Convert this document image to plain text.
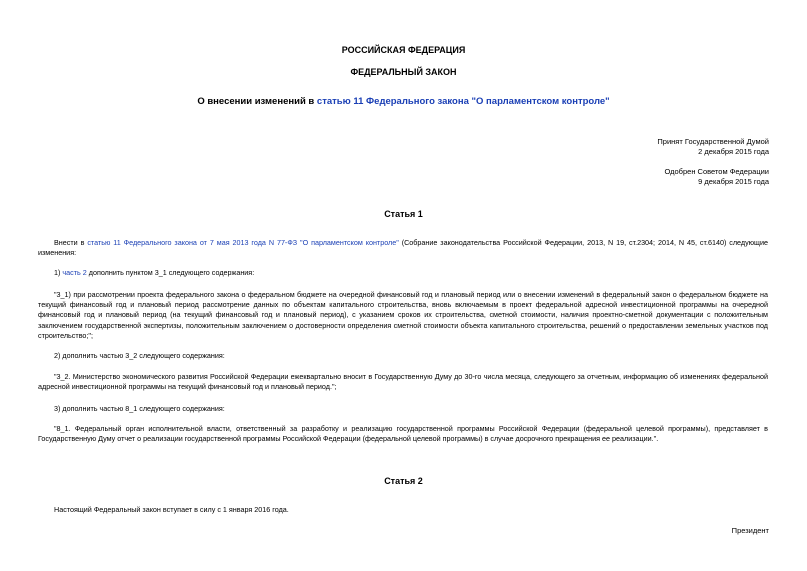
РОССИЙСКАЯ ФЕДЕРАЦИЯ
ФЕДЕРАЛЬНЫЙ ЗАКОН
О внесении изменений в статью 11 Федерального закона "О парламентском контроле"
Принят Государственной Думой
2 декабря 2015 года
Одобрен Советом Федерации
9 декабря 2015 года
Статья 1
Внести в статью 11 Федерального закона от 7 мая 2013 года N 77-ФЗ "О парламентском контроле" (Собрание законодательства Российской Федерации, 2013, N 19, ст.2304; 2014, N 45, ст.6140) следующие изменения:
1) часть 2 дополнить пунктом 3_1 следующего содержания:
"3_1) при рассмотрении проекта федерального закона о федеральном бюджете на очередной финансовый год и плановый период или о внесении изменений в федеральный закон о федеральном бюджете на текущий финансовый год и плановый период рассмотрение данных по объектам капитального строительства, вновь включаемым в проект федеральной адресной инвестиционной программы на очередной финансовый год и плановый период (на текущий финансовый год и плановый период), с указанием сроков их строительства, сметной стоимости, наличия проектно-сметной документации с положительным заключением государственной экспертизы, положительным заключением о достоверности определения сметной стоимости объекта капитального строительства, решений о предоставлении земельных участков под строительство;";
2) дополнить частью 3_2 следующего содержания:
"3_2. Министерство экономического развития Российской Федерации ежеквартально вносит в Государственную Думу до 30-го числа месяца, следующего за отчетным, информацию об изменениях федеральной адресной инвестиционной программы на текущий финансовый год и плановый период.";
3) дополнить частью 8_1 следующего содержания:
"8_1. Федеральный орган исполнительной власти, ответственный за разработку и реализацию государственной программы Российской Федерации (федеральной целевой программы), представляет в Государственную Думу отчет о реализации государственной программы Российской Федерации (федеральной целевой программы) в случае досрочного прекращения ее реализации.".
Статья 2
Настоящий Федеральный закон вступает в силу с 1 января 2016 года.
Президент
